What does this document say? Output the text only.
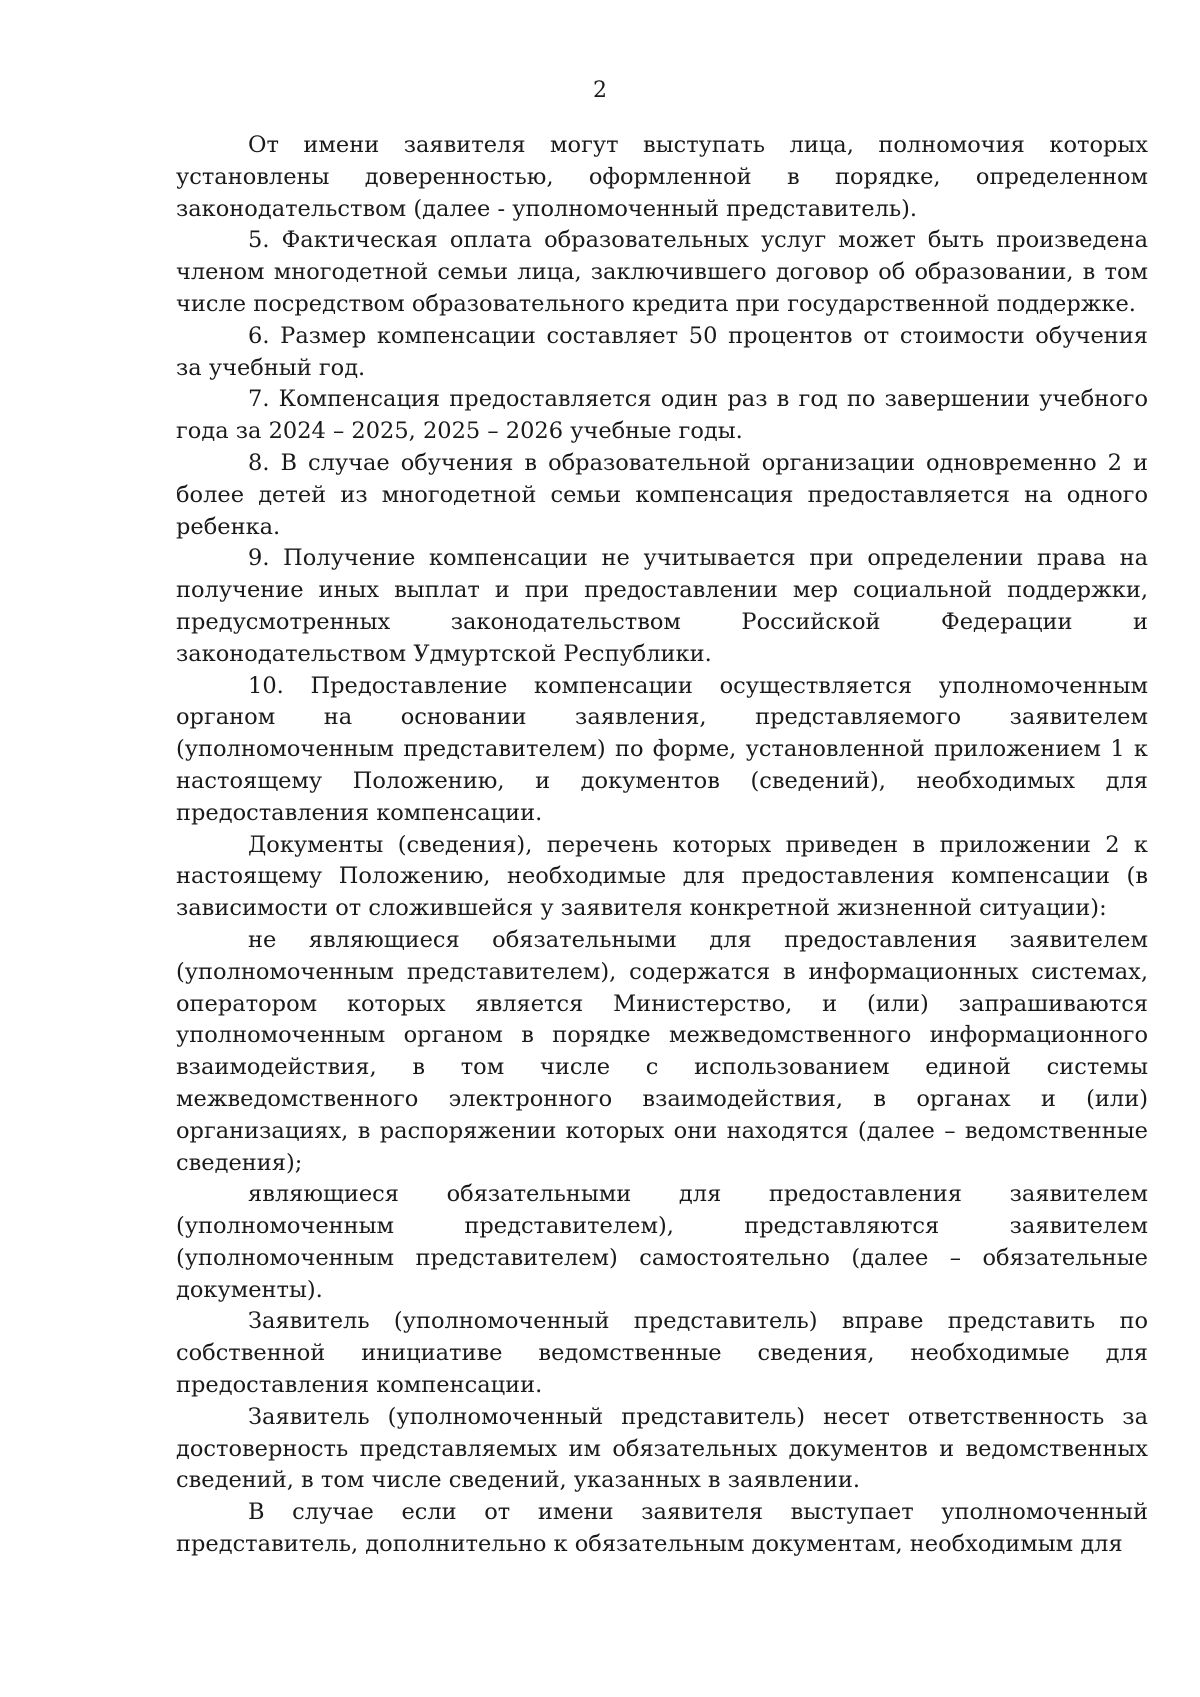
2

От имени заявителя могут выступать лица, полномочия которых установлены доверенностью, оформленной в порядке, определенном законодательством (далее - уполномоченный представитель).

5. Фактическая оплата образовательных услуг может быть произведена членом многодетной семьи лица, заключившего договор об образовании, в том числе посредством образовательного кредита при государственной поддержке.

6. Размер компенсации составляет 50 процентов от стоимости обучения за учебный год.

7. Компенсация предоставляется один раз в год по завершении учебного года за 2024 – 2025, 2025 – 2026 учебные годы.

8. В случае обучения в образовательной организации одновременно 2 и более детей из многодетной семьи компенсация предоставляется на одного ребенка.

9. Получение компенсации не учитывается при определении права на получение иных выплат и при предоставлении мер социальной поддержки, предусмотренных законодательством Российской Федерации и законодательством Удмуртской Республики.

10. Предоставление компенсации осуществляется уполномоченным органом на основании заявления, представляемого заявителем (уполномоченным представителем) по форме, установленной приложением 1 к настоящему Положению, и документов (сведений), необходимых для предоставления компенсации.

Документы (сведения), перечень которых приведен в приложении 2 к настоящему Положению, необходимые для предоставления компенсации (в зависимости от сложившейся у заявителя конкретной жизненной ситуации):

не являющиеся обязательными для предоставления заявителем (уполномоченным представителем), содержатся в информационных системах, оператором которых является Министерство, и (или) запрашиваются уполномоченным органом в порядке межведомственного информационного взаимодействия, в том числе с использованием единой системы межведомственного электронного взаимодействия, в органах и (или) организациях, в распоряжении которых они находятся (далее – ведомственные сведения);

являющиеся обязательными для предоставления заявителем (уполномоченным представителем), представляются заявителем (уполномоченным представителем) самостоятельно (далее – обязательные документы).

Заявитель (уполномоченный представитель) вправе представить по собственной инициативе ведомственные сведения, необходимые для предоставления компенсации.

Заявитель (уполномоченный представитель) несет ответственность за достоверность представляемых им обязательных документов и ведомственных сведений, в том числе сведений, указанных в заявлении.

В случае если от имени заявителя выступает уполномоченный представитель, дополнительно к обязательным документам, необходимым для
